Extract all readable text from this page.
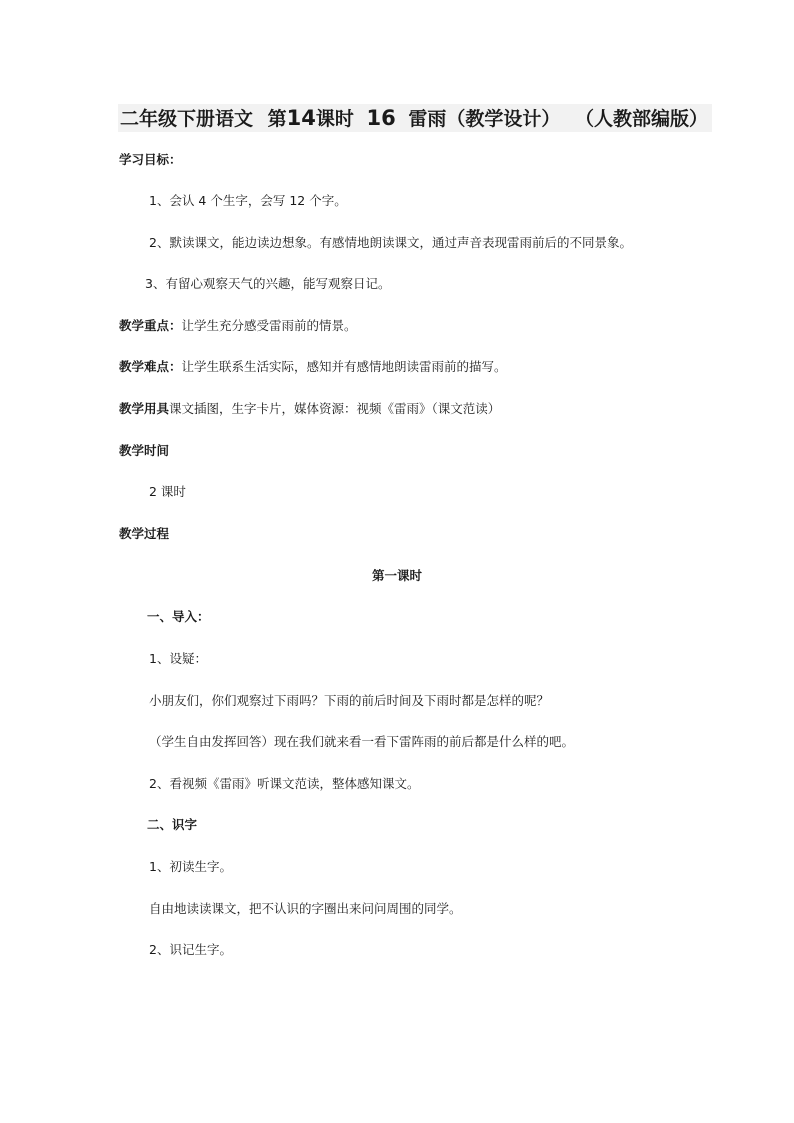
二年级下册语文 第14课时 16 雷雨（教学设计） （人教部编版）
学习目标：
1、会认 4 个生字，会写 12 个字。
2、默读课文，能边读边想象。有感情地朗读课文，通过声音表现雷雨前后的不同景象。
3、有留心观察天气的兴趣，能写观察日记。
教学重点：让学生充分感受雷雨前的情景。
教学难点：让学生联系生活实际，感知并有感情地朗读雷雨前的描写。
教学用具课文插图，生字卡片，媒体资源：视频《雷雨》（课文范读）
教学时间
2 课时
教学过程
第一课时
一、导入：
1、设疑：
小朋友们，你们观察过下雨吗？下雨的前后时间及下雨时都是怎样的呢？
（学生自由发挥回答）现在我们就来看一看下雷阵雨的前后都是什么样的吧。
2、看视频《雷雨》听课文范读，整体感知课文。
二、识字
1、初读生字。
自由地读读课文，把不认识的字圈出来问问周围的同学。
2、识记生字。
